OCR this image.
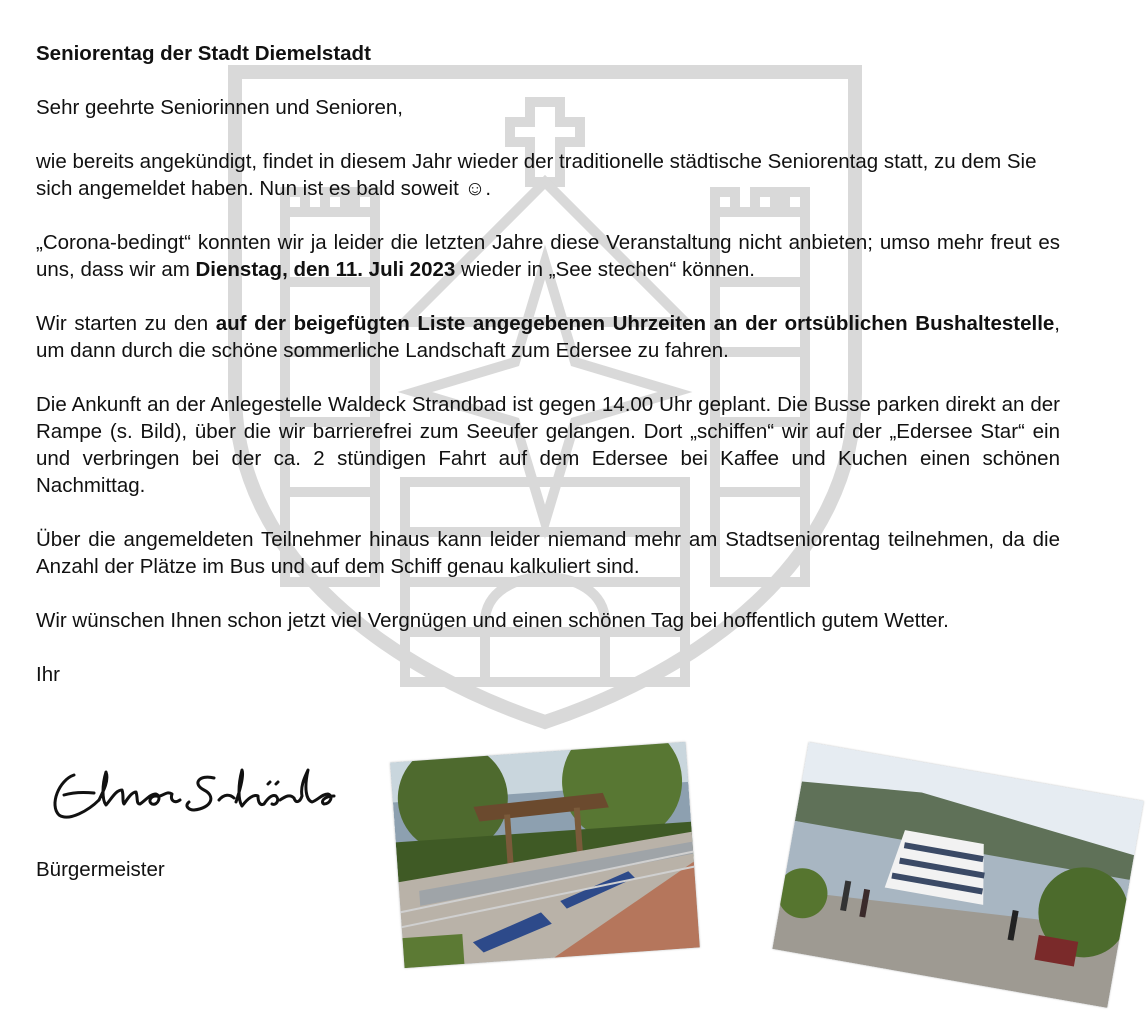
Seniorentag der Stadt Diemelstadt

Sehr geehrte Seniorinnen und Senioren,

wie bereits angekündigt, findet in diesem Jahr wieder der traditionelle städtische Seniorentag statt, zu dem Sie sich angemeldet haben. Nun ist es bald soweit ☺.

„Corona-bedingt“ konnten wir ja leider die letzten Jahre diese Veranstaltung nicht anbieten; umso mehr freut es uns, dass wir am Dienstag, den 11. Juli 2023 wieder in „See stechen“ können.

Wir starten zu den auf der beigefügten Liste angegebenen Uhrzeiten an der ortsüblichen Bushaltestelle, um dann durch die schöne sommerliche Landschaft zum Edersee zu fahren.

Die Ankunft an der Anlegestelle Waldeck Strandbad ist gegen 14.00 Uhr geplant. Die Busse parken direkt an der Rampe (s. Bild), über die wir barrierefrei zum Seeufer gelangen. Dort „schiffen“ wir auf der „Edersee Star“ ein und verbringen bei der ca. 2 stündigen Fahrt auf dem Edersee bei Kaffee und Kuchen einen schönen Nachmittag.

Über die angemeldeten Teilnehmer hinaus kann leider niemand mehr am Stadtseniorentag teilnehmen, da die Anzahl der Plätze im Bus und auf dem Schiff genau kalkuliert sind.

Wir wünschen Ihnen schon jetzt viel Vergnügen und einen schönen Tag bei hoffentlich gutem Wetter.

Ihr

Bürgermeister
